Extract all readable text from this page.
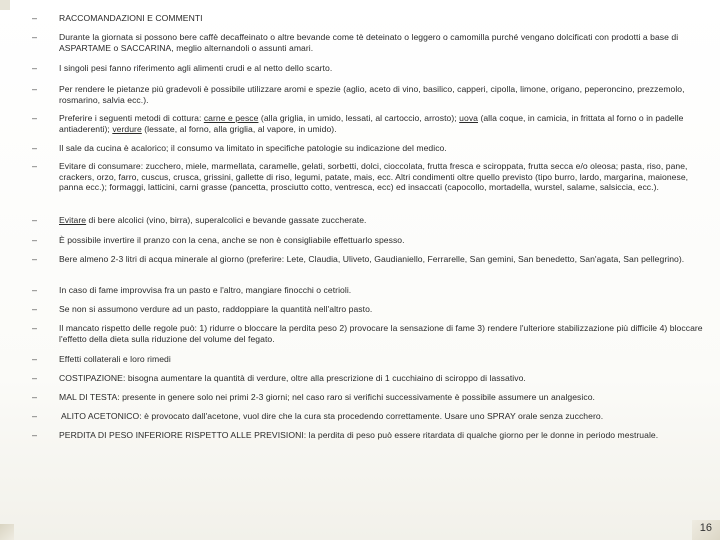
–	RACCOMANDAZIONI E COMMENTI
–	Durante la giornata si possono bere caffè decaffeinato o altre bevande come tè deteinato o leggero o camomilla purché vengano dolcificati con prodotti a base di ASPARTAME o SACCARINA, meglio alternandoli o assunti amari.
–	I singoli pesi fanno riferimento agli alimenti crudi e al netto dello scarto.
–	Per rendere le pietanze più gradevoli è possibile utilizzare aromi e spezie (aglio, aceto di vino, basilico, capperi, cipolla, limone, origano, peperoncino, prezzemolo, rosmarino, salvia ecc.).
–	Preferire i seguenti metodi di cottura: carne e pesce (alla griglia, in umido, lessati, al cartoccio, arrosto); uova (alla coque, in camicia, in frittata al forno o in padelle antiaderenti); verdure (lessate, al forno, alla griglia, al vapore, in umido).
–	Il sale da cucina è acalorico; il consumo va limitato in specifiche patologie su indicazione del medico.
–	Evitare di consumare: zucchero, miele, marmellata, caramelle, gelati, sorbetti, dolci, cioccolata, frutta fresca e sciroppata, frutta secca e/o oleosa; pasta, riso, pane, crackers, orzo, farro, cuscus, crusca, grissini, gallette di riso, legumi, patate, mais, ecc. Altri condimenti oltre quello previsto (tipo burro, lardo, margarina, maionese, panna ecc.); formaggi, latticini, carni grasse (pancetta, prosciutto cotto, ventresca, ecc) ed insaccati (capocollo, mortadella, wurstel, salame, salsiccia, ecc.).
–	Evitare di bere alcolici (vino, birra), superalcolici e bevande gassate zuccherate.
–	È possibile invertire il pranzo con la cena, anche se non è consigliabile effettuarlo spesso.
–	Bere almeno 2-3 litri di acqua minerale al giorno (preferire: Lete, Claudia, Uliveto, Gaudianiello, Ferrarelle, San gemini, San benedetto, San'agata, San pellegrino).
–	In caso di fame improvvisa fra un pasto e l'altro, mangiare finocchi o cetrioli.
–	Se non si assumono verdure ad un pasto, raddoppiare la quantità nell'altro pasto.
–	Il mancato rispetto delle regole può: 1) ridurre o bloccare la perdita peso 2) provocare la sensazione di fame 3) rendere l'ulteriore stabilizzazione più difficile 4) bloccare l'effetto della dieta sulla riduzione del volume del fegato.
–	Effetti collaterali e loro rimedi
–	COSTIPAZIONE: bisogna aumentare la quantità di verdure, oltre alla prescrizione di 1 cucchiaino di sciroppo di lassativo.
–	MAL DI TESTA: presente in genere solo nei primi 2-3 giorni; nel caso raro si verifichi successivamente è possibile assumere un analgesico.
–	ALITO ACETONICO: è provocato dall'acetone, vuol dire che la cura sta procedendo correttamente. Usare uno SPRAY orale senza zucchero.
–	PERDITA DI PESO INFERIORE RISPETTO ALLE PREVISIONI: la perdita di peso può essere ritardata di qualche giorno per le donne in periodo mestruale.
16
